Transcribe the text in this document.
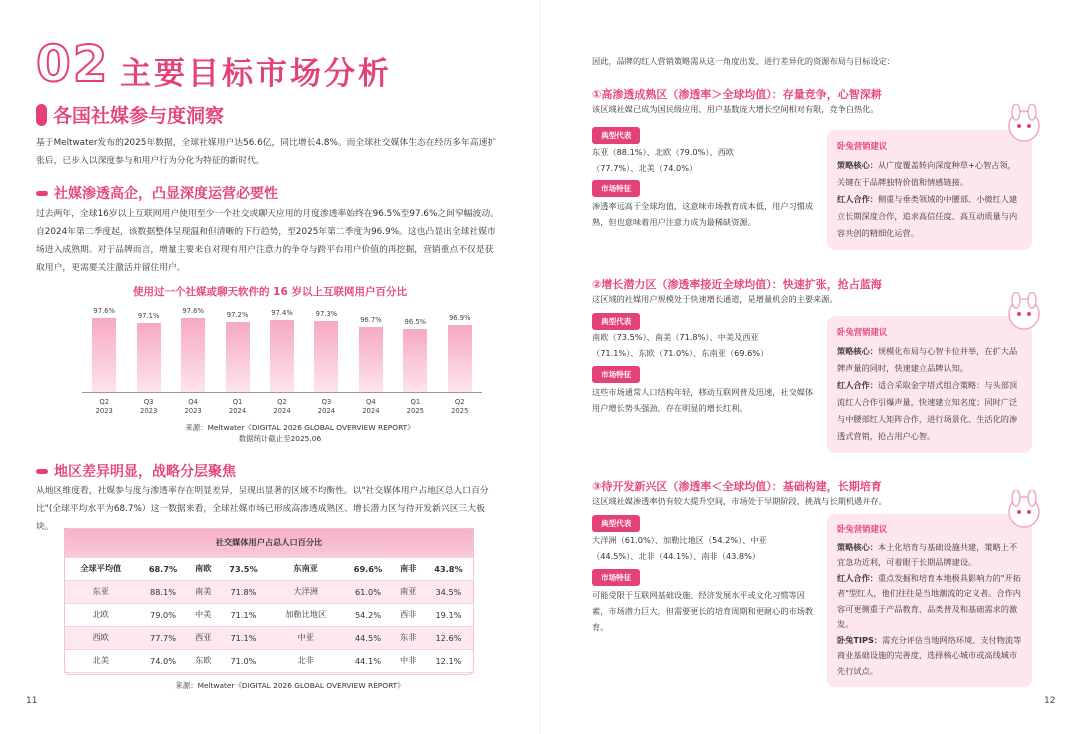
02 主要目标市场分析
各国社媒参与度洞察
基于Meltwater发布的2025年数据，全球社媒用户达56.6亿，同比增长4.8%。而全球社交媒体生态在经历多年高速扩张后，已步入以深度参与和用户行为分化为特征的新时代。
社媒渗透高企，凸显深度运营必要性
过去两年，全球16岁以上互联网用户使用至少一个社交或聊天应用的月度渗透率始终在96.5%至97.6%之间窄幅波动。自2024年第二季度起，该数据整体呈现温和但清晰的下行趋势，至2025年第二季度为96.9%。这也凸显出全球社媒市场进入成熟期。对于品牌而言，增量主要来自对现有用户注意力的争夺与跨平台用户价值的再挖掘，营销重点不仅是获取用户，更需要关注激活并留住用户。
使用过一个社媒或聊天软件的 16 岁以上互联网用户百分比
97.6%
Q2
2023
97.1%
Q3
2023
97.6%
Q4
2023
97.2%
Q1
2024
97.4%
Q2
2024
97.3%
Q3
2024
96.7%
Q4
2024
96.5%
Q1
2025
96.9%
Q2
2025
来源：Meltwater《DIGITAL 2026 GLOBAL OVERVIEW REPORT》
数据统计截止至2025.06
地区差异明显，战略分层聚焦
从地区维度看，社媒参与度与渗透率存在明显差异，呈现出显著的区域不均衡性。以"社交媒体用户占地区总人口百分比"(全球平均水平为68.7%）这一数据来看，全球社媒市场已形成高渗透成熟区、增长潜力区与待开发新兴区三大板块。
社交媒体用户占总人口百分比							
全球平均值	68.7%	南欧	73.5%	东南亚	69.6%	南非	43.8%
东亚	88.1%	南美	71.8%	大洋洲	61.0%	南亚	34.5%
北欧	79.0%	中美	71.1%	加勒比地区	54.2%	西非	19.1%
西欧	77.7%	西亚	71.1%	中亚	44.5%	东非	12.6%
北美	74.0%	东欧	71.0%	北非	44.1%	中非	12.1%
来源：Meltwater《DIGITAL 2026 GLOBAL OVERVIEW REPORT》
11
因此，品牌的红人营销策略需从这一角度出发，进行差异化的资源布局与目标设定：
①高渗透成熟区（渗透率＞全球均值）：存量竞争，心智深耕
该区域社媒已成为国民级应用，用户基数庞大增长空间相对有限，竞争白热化。
典型代表
东亚（88.1%）、北欧（79.0%）、西欧（77.7%）、北美（74.0%）
市场特征
渗透率远高于全球均值，这意味市场教育成本低，用户习惯成熟，但也意味着用户注意力成为最稀缺资源。
卧兔营销建议
策略核心：从广度覆盖转向深度种草+心智占领，关键在于品牌独特价值和情感链接。
红人合作：侧重与垂类领域的中腰部、小微红人建立长期深度合作，追求高信任度、高互动质量与内容共创的精细化运营。
②增长潜力区（渗透率接近全球均值）：快速扩张，抢占蓝海
这区域的社媒用户规模处于快速增长通道，是增量机会的主要来源。
典型代表
南欧（73.5%）、南美（71.8%）、中美及西亚（71.1%）、东欧（71.0%）、东南亚（69.6%）
市场特征
这些市场通常人口结构年轻，移动互联网普及迅速，社交媒体用户增长势头强劲，存在明显的增长红利。
卧兔营销建议
策略核心：规模化布局与心智卡位并举，在扩大品牌声量的同时，快速建立品牌认知。
红人合作：适合采取金字塔式组合策略：与头部顶流红人合作引爆声量，快速建立知名度；同时广泛与中腰部红人矩阵合作，进行场景化、生活化的渗透式营销，抢占用户心智。
③待开发新兴区（渗透率＜全球均值）：基础构建，长期培育
这区域社媒渗透率仍有较大提升空间，市场处于早期阶段，挑战与长期机遇并存。
典型代表
大洋洲（61.0%）、加勒比地区（54.2%）、中亚（44.5%）、北非（44.1%）、南非（43.8%）
市场特征
可能受限于互联网基础设施、经济发展水平或文化习惯等因素，市场潜力巨大，但需要更长的培育周期和更耐心的市场教育。
卧兔营销建议
策略核心：本土化培育与基础设施共建，策略上不宜急功近利，可着眼于长期品牌建设。
红人合作：重点发掘和培育本地极具影响力的"开拓者"型红人，他们往往是当地潮流的定义者。合作内容可更侧重于产品教育、品类普及和基础需求的激发。
卧兔TIPS：需充分评估当地网络环境、支付物流等商业基础设施的完善度，选择核心城市或高线城市先行试点。
12
